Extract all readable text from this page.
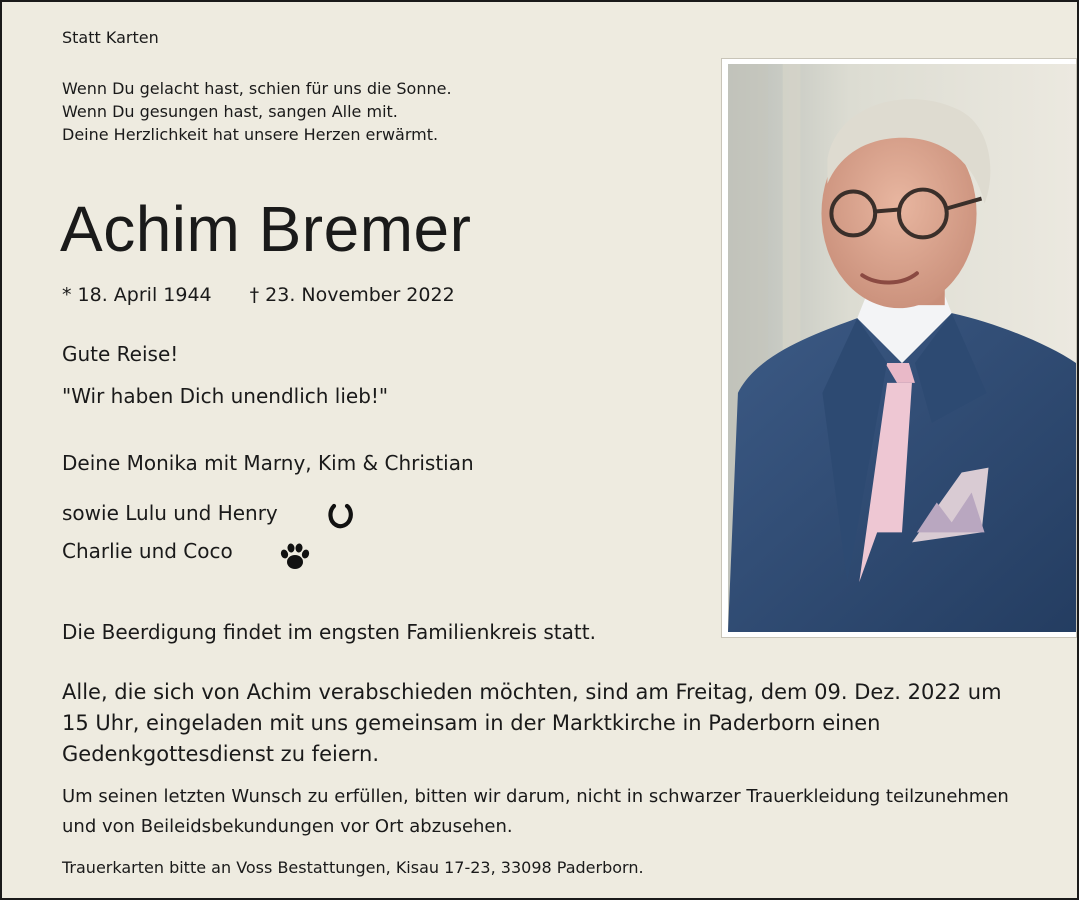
Statt Karten
Wenn Du gelacht hast, schien für uns die Sonne.
Wenn Du gesungen hast, sangen Alle mit.
Deine Herzlichkeit hat unsere Herzen erwärmt.
Achim Bremer
* 18. April 1944 † 23. November 2022
Gute Reise!
"Wir haben Dich unendlich lieb!"
Deine Monika mit Marny, Kim & Christian
sowie Lulu und Henry
Charlie und Coco
Die Beerdigung findet im engsten Familienkreis statt.
Alle, die sich von Achim verabschieden möchten, sind am Freitag, dem 09. Dez. 2022 um 15 Uhr, eingeladen mit uns gemeinsam in der Marktkirche in Paderborn einen Gedenkgottesdienst zu feiern.
Um seinen letzten Wunsch zu erfüllen, bitten wir darum, nicht in schwarzer Trauerkleidung teilzunehmen und von Beileidsbekundungen vor Ort abzusehen.
Trauerkarten bitte an Voss Bestattungen, Kisau 17-23, 33098 Paderborn.
